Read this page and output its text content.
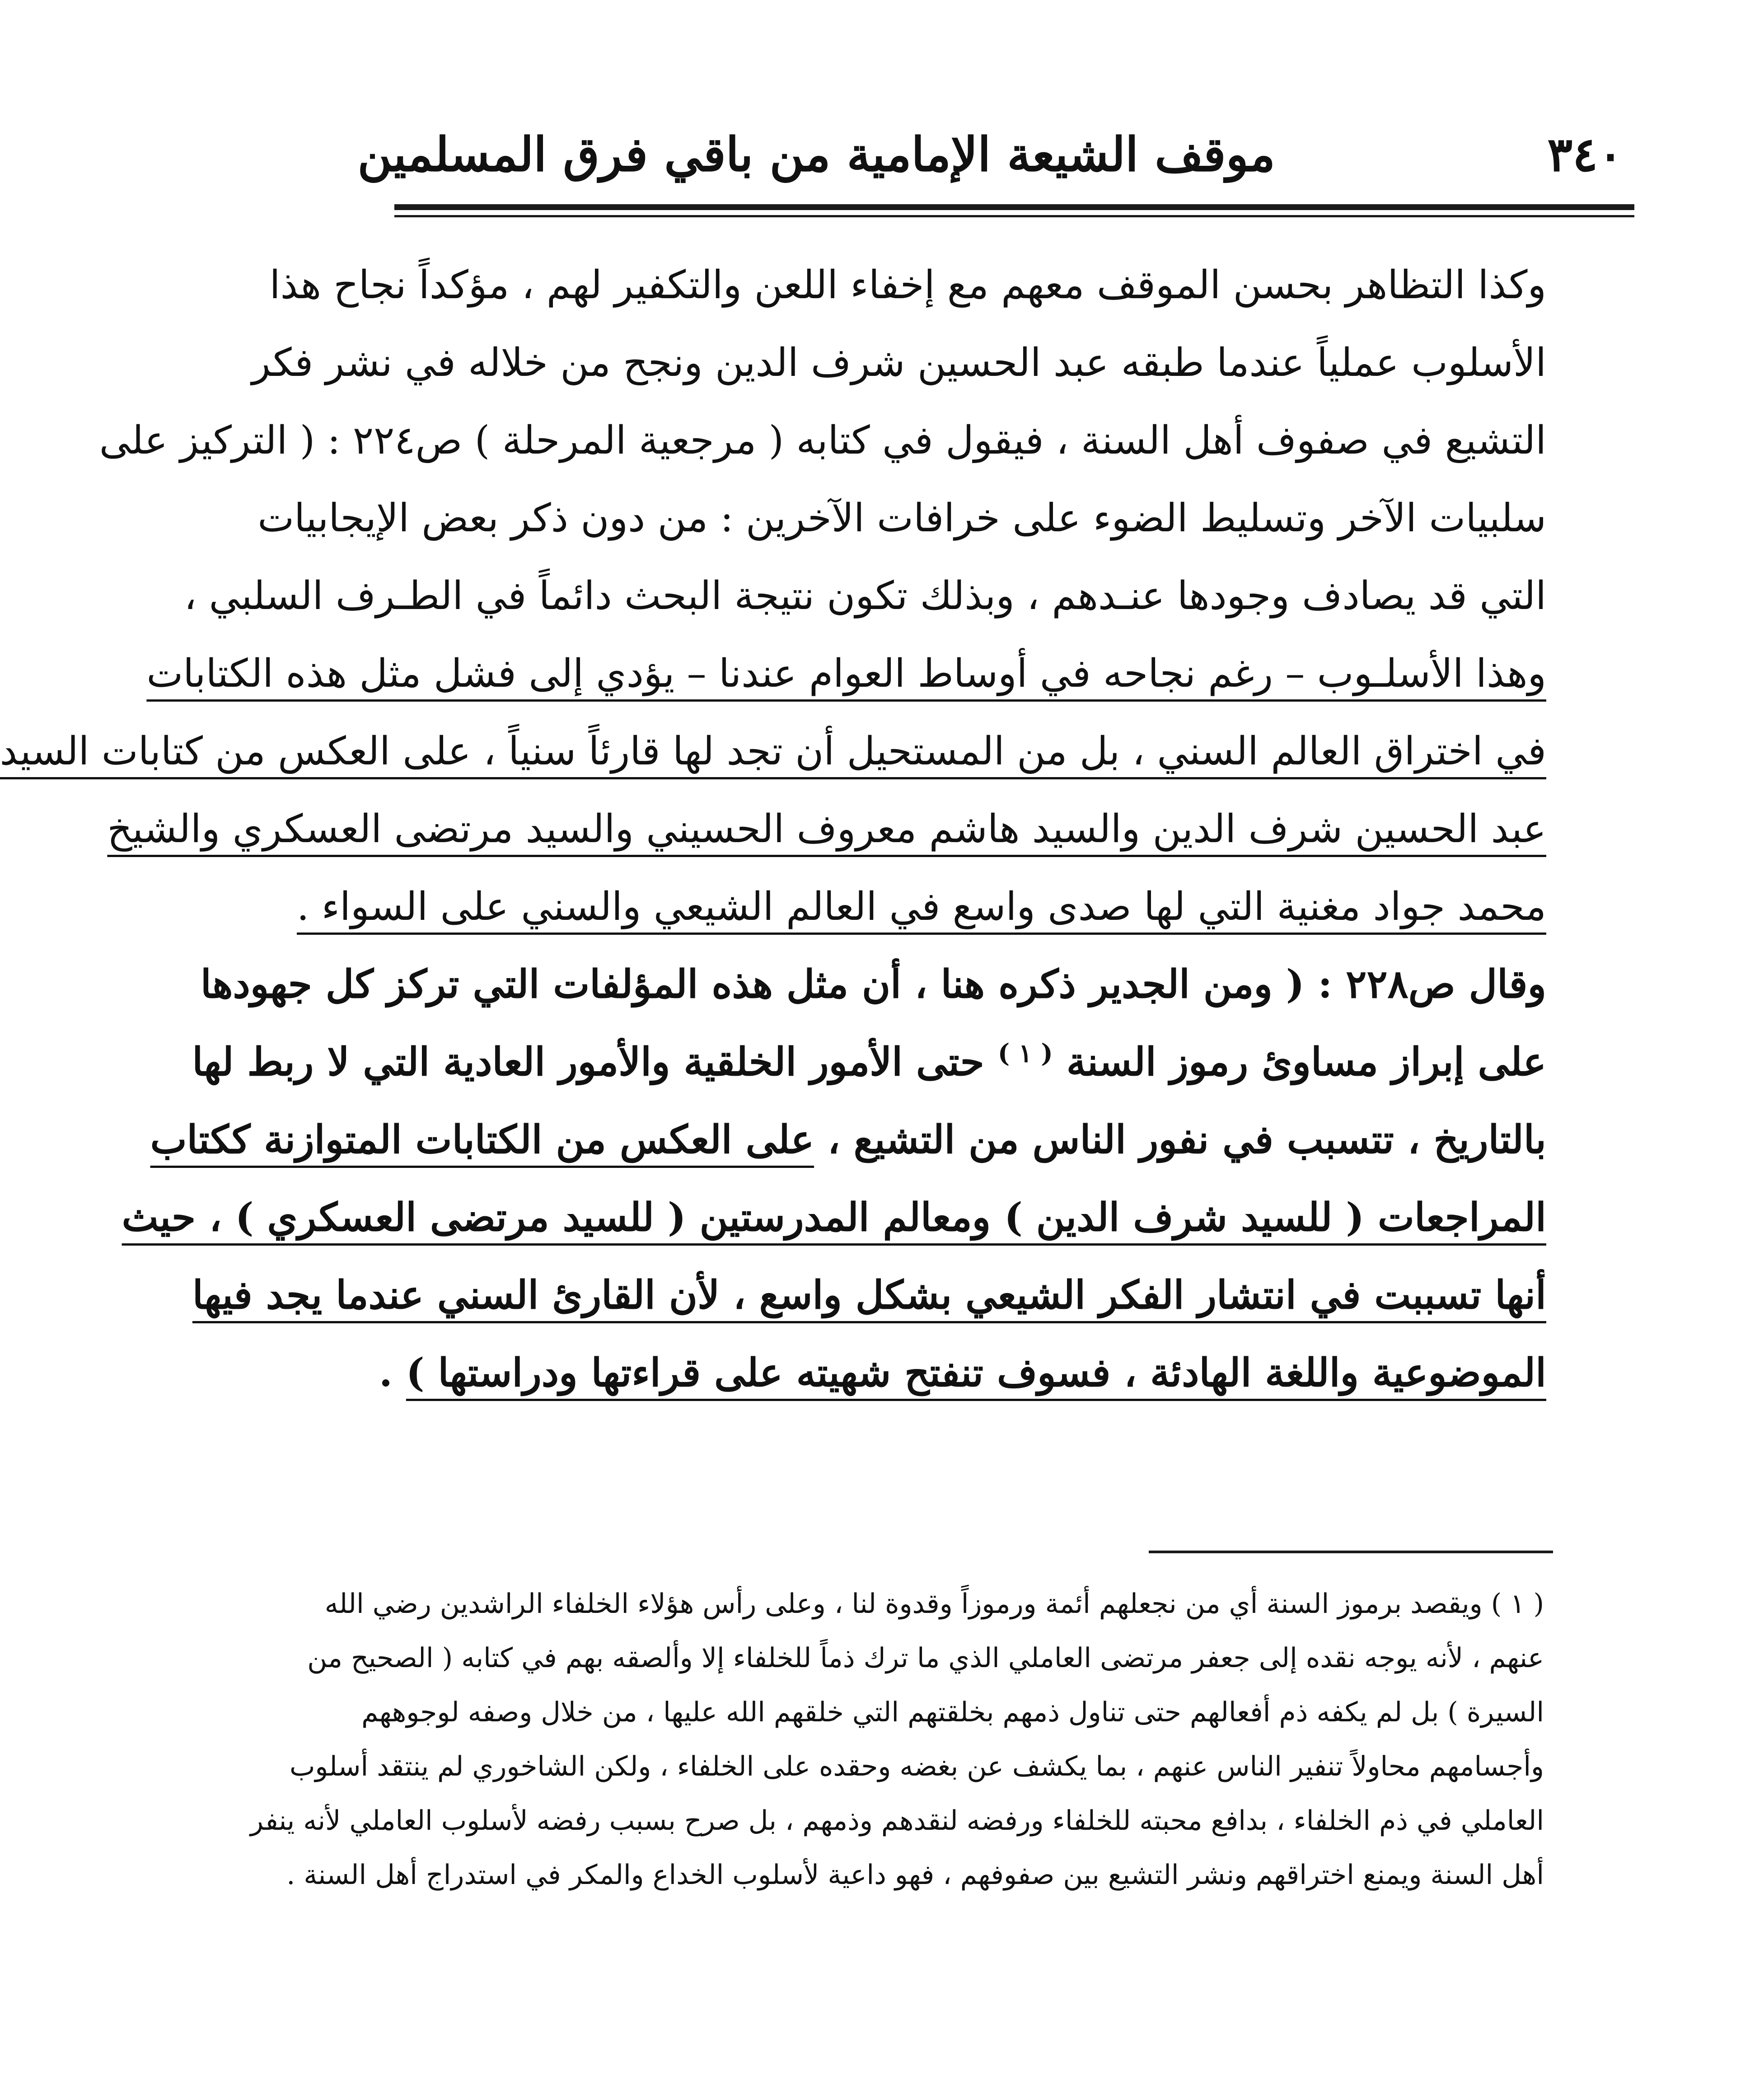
٣٤٠
موقف الشيعة الإمامية من باقي فرق المسلمين
وكذا التظاهر بحسن الموقف معهم مع إخفاء اللعن والتكفير لهم ، مؤكداً نجاح هذا
الأسلوب عملياً عندما طبقه عبد الحسين شرف الدين ونجح من خلاله في نشر فكر
التشيع في صفوف أهل السنة ، فيقول في كتابه ( مرجعية المرحلة ) ص٢٢٤ : ( التركيز على
سلبيات الآخر وتسليط الضوء على خرافات الآخرين : من دون ذكر بعض الإيجابيات
التي قد يصادف وجودها عنـدهم ، وبذلك تكون نتيجة البحث دائماً في الطـرف السلبي ،
وهذا الأسلـوب – رغم نجاحه في أوساط العوام عندنا – يؤدي إلى فشل مثل هذه الكتابات
في اختراق العالم السني ، بل من المستحيل أن تجد لها قارئاً سنياً ، على العكس من كتابات السيد
عبد الحسين شرف الدين والسيد هاشم معروف الحسيني والسيد مرتضى العسكري والشيخ
محمد جواد مغنية التي لها صدى واسع في العالم الشيعي والسني على السواء .
وقال ص٢٢٨ : ( ومن الجدير ذكره هنا ، أن مثل هذه المؤلفات التي تركز كل جهودها
على إبراز مساوئ رموز السنة $^{( ١ )}$ حتى الأمور الخلقية والأمور العادية التي لا ربط لها
بالتاريخ ، تتسبب في نفور الناس من التشيع ، على العكس من الكتابات المتوازنة ككتاب
المراجعات ( للسيد شرف الدين ) ومعالم المدرستين ( للسيد مرتضى العسكري ) ، حيث
أنها تسببت في انتشار الفكر الشيعي بشكل واسع ، لأن القارئ السني عندما يجد فيها
الموضوعية واللغة الهادئة ، فسوف تنفتح شهيته على قراءتها ودراستها ) .
( ١ ) ويقصد برموز السنة أي من نجعلهم أئمة ورموزاً وقدوة لنا ، وعلى رأس هؤلاء الخلفاء الراشدين رضي الله
عنهم ، لأنه يوجه نقده إلى جعفر مرتضى العاملي الذي ما ترك ذماً للخلفاء إلا وألصقه بهم في كتابه ( الصحيح من
السيرة ) بل لم يكفه ذم أفعالهم حتى تناول ذمهم بخلقتهم التي خلقهم الله عليها ، من خلال وصفه لوجوههم
وأجسامهم محاولاً تنفير الناس عنهم ، بما يكشف عن بغضه وحقده على الخلفاء ، ولكن الشاخوري لم ينتقد أسلوب
العاملي في ذم الخلفاء ، بدافع محبته للخلفاء ورفضه لنقدهم وذمهم ، بل صرح بسبب رفضه لأسلوب العاملي لأنه ينفر
أهل السنة ويمنع اختراقهم ونشر التشيع بين صفوفهم ، فهو داعية لأسلوب الخداع والمكر في استدراج أهل السنة .
